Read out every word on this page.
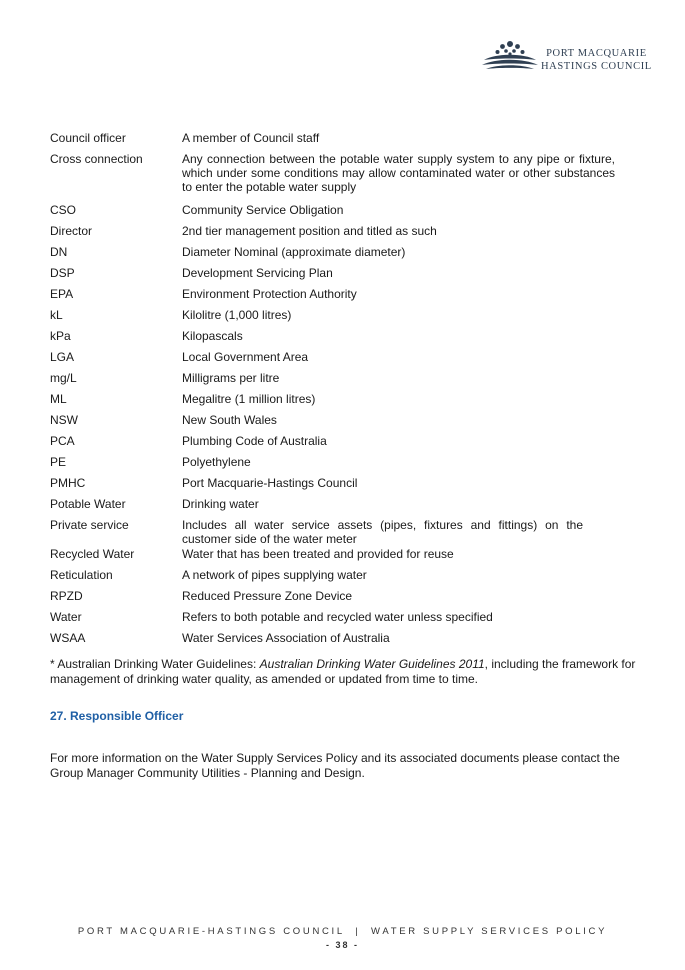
PORT MACQUARIE
HASTINGS COUNCIL
Council officer	A member of Council staff
Cross connection	Any connection between the potable water supply system to any pipe or fixture, which under some conditions may allow contaminated water or other substances to enter the potable water supply
CSO	Community Service Obligation
Director	2nd tier management position and titled as such
DN	Diameter Nominal (approximate diameter)
DSP	Development Servicing Plan
EPA	Environment Protection Authority
kL	Kilolitre (1,000 litres)
kPa	Kilopascals
LGA	Local Government Area
mg/L	Milligrams per litre
ML	Megalitre (1 million litres)
NSW	New South Wales
PCA	Plumbing Code of Australia
PE	Polyethylene
PMHC	Port Macquarie-Hastings Council
Potable Water	Drinking water
Private service	Includes all water service assets (pipes, fixtures and fittings) on the customer side of the water meter
Recycled Water	Water that has been treated and provided for reuse
Reticulation	A network of pipes supplying water
RPZD	Reduced Pressure Zone Device
Water	Refers to both potable and recycled water unless specified
WSAA	Water Services Association of Australia
* Australian Drinking Water Guidelines: Australian Drinking Water Guidelines 2011, including the framework for management of drinking water quality, as amended or updated from time to time.
27. Responsible Officer
For more information on the Water Supply Services Policy and its associated documents please contact the Group Manager Community Utilities - Planning and Design.
PORT MACQUARIE-HASTINGS COUNCIL  |  WATER SUPPLY SERVICES POLICY
- 38 -
